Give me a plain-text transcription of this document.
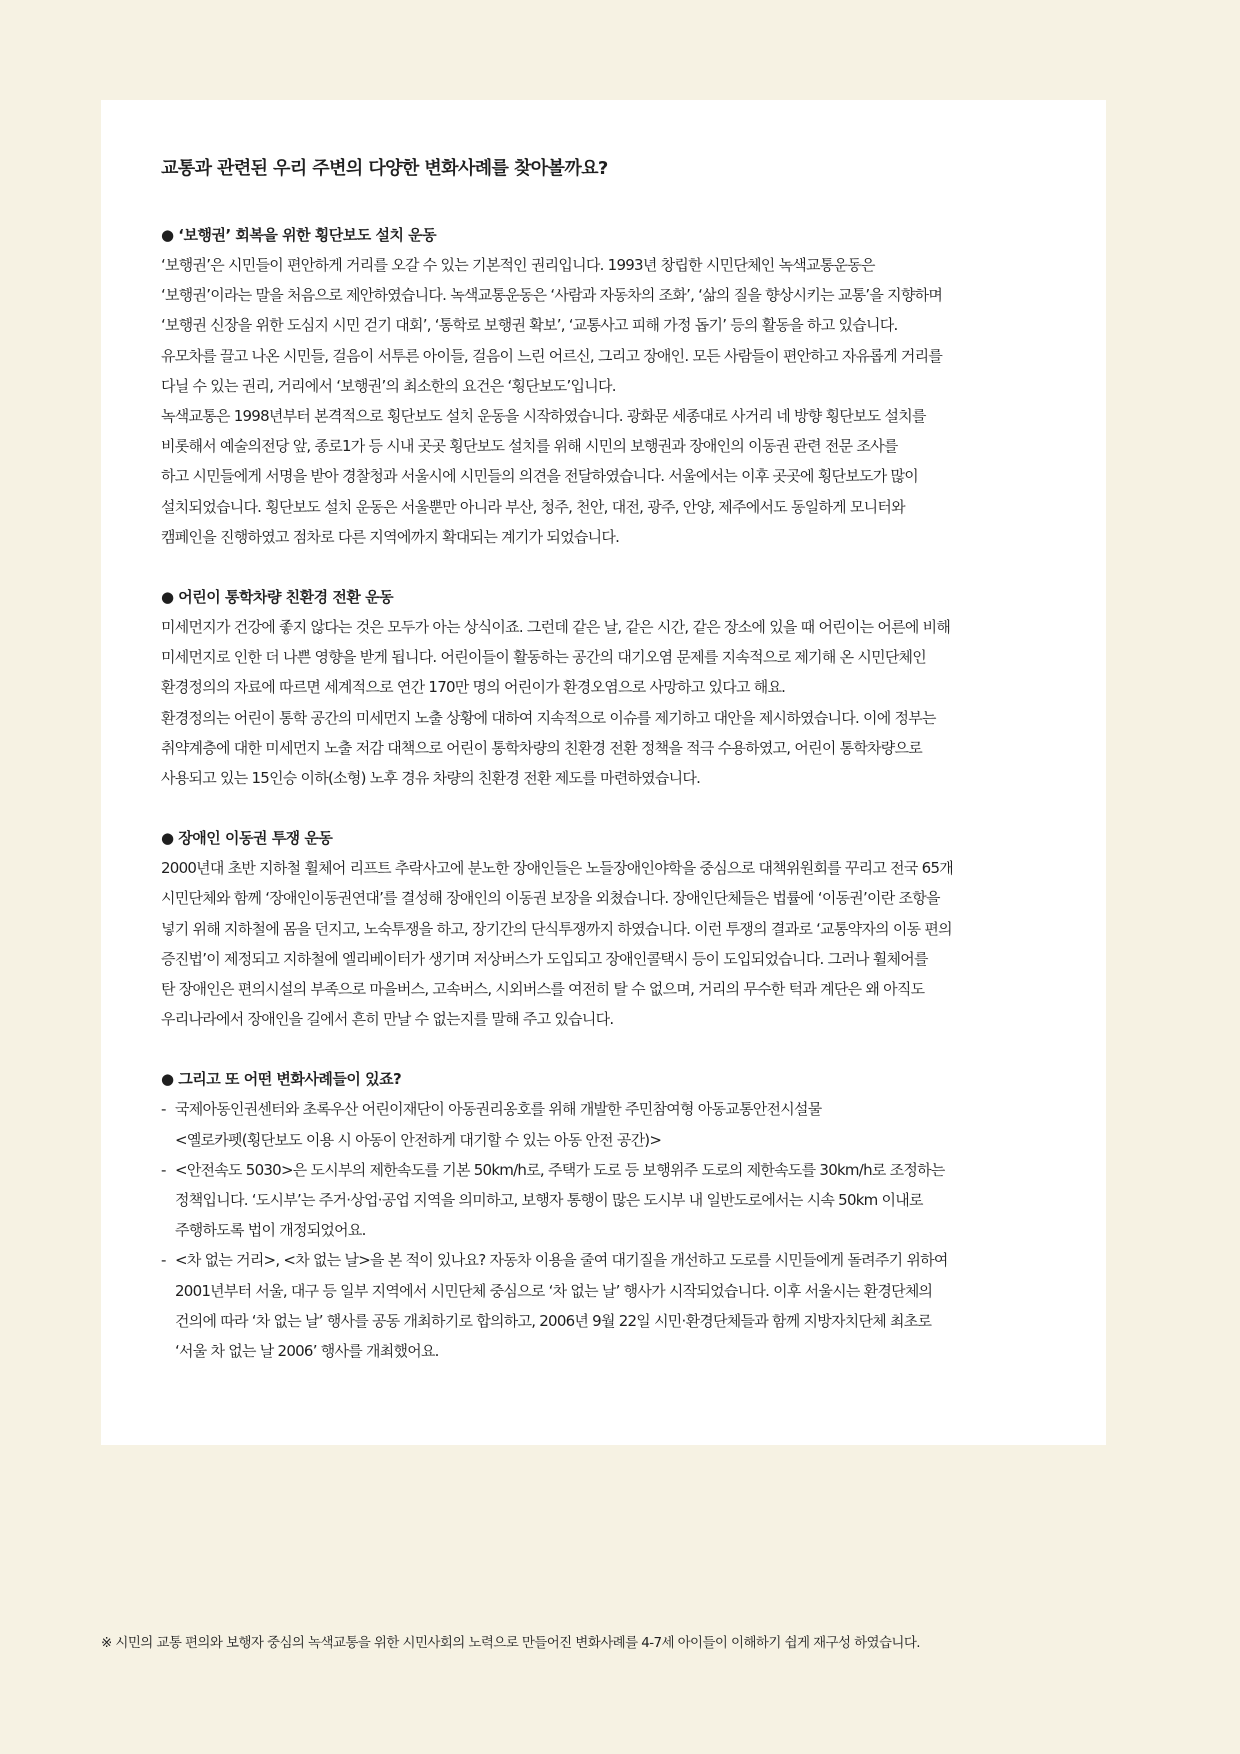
교통과 관련된 우리 주변의 다양한 변화사례를 찾아볼까요?
● ‘보행권’ 회복을 위한 횡단보도 설치 운동
‘보행권’은 시민들이 편안하게 거리를 오갈 수 있는 기본적인 권리입니다. 1993년 창립한 시민단체인 녹색교통운동은
‘보행권’이라는 말을 처음으로 제안하였습니다. 녹색교통운동은 ‘사람과 자동차의 조화’, ‘삶의 질을 향상시키는 교통’을 지향하며
‘보행권 신장을 위한 도심지 시민 걷기 대회’, ‘통학로 보행권 확보’, ‘교통사고 피해 가정 돕기’ 등의 활동을 하고 있습니다.
유모차를 끌고 나온 시민들, 걸음이 서투른 아이들, 걸음이 느린 어르신, 그리고 장애인. 모든 사람들이 편안하고 자유롭게 거리를
다닐 수 있는 권리, 거리에서 ‘보행권’의 최소한의 요건은 ‘횡단보도’입니다.
녹색교통은 1998년부터 본격적으로 횡단보도 설치 운동을 시작하였습니다. 광화문 세종대로 사거리 네 방향 횡단보도 설치를
비롯해서 예술의전당 앞, 종로1가 등 시내 곳곳 횡단보도 설치를 위해 시민의 보행권과 장애인의 이동권 관련 전문 조사를
하고 시민들에게 서명을 받아 경찰청과 서울시에 시민들의 의견을 전달하였습니다. 서울에서는 이후 곳곳에 횡단보도가 많이
설치되었습니다. 횡단보도 설치 운동은 서울뿐만 아니라 부산, 청주, 천안, 대전, 광주, 안양, 제주에서도 동일하게 모니터와
캠페인을 진행하였고 점차로 다른 지역에까지 확대되는 계기가 되었습니다.
● 어린이 통학차량 친환경 전환 운동
미세먼지가 건강에 좋지 않다는 것은 모두가 아는 상식이죠. 그런데 같은 날, 같은 시간, 같은 장소에 있을 때 어린이는 어른에 비해
미세먼지로 인한 더 나쁜 영향을 받게 됩니다. 어린이들이 활동하는 공간의 대기오염 문제를 지속적으로 제기해 온 시민단체인
환경정의의 자료에 따르면 세계적으로 연간 170만 명의 어린이가 환경오염으로 사망하고 있다고 해요.
환경정의는 어린이 통학 공간의 미세먼지 노출 상황에 대하여 지속적으로 이슈를 제기하고 대안을 제시하였습니다. 이에 정부는
취약계층에 대한 미세먼지 노출 저감 대책으로 어린이 통학차량의 친환경 전환 정책을 적극 수용하였고, 어린이 통학차량으로
사용되고 있는 15인승 이하(소형) 노후 경유 차량의 친환경 전환 제도를 마련하였습니다.
● 장애인 이동권 투쟁 운동
2000년대 초반 지하철 휠체어 리프트 추락사고에 분노한 장애인들은 노들장애인야학을 중심으로 대책위원회를 꾸리고 전국 65개
시민단체와 함께 ‘장애인이동권연대’를 결성해 장애인의 이동권 보장을 외쳤습니다. 장애인단체들은 법률에 ‘이동권’이란 조항을
넣기 위해 지하철에 몸을 던지고, 노숙투쟁을 하고, 장기간의 단식투쟁까지 하였습니다. 이런 투쟁의 결과로 ‘교통약자의 이동 편의
증진법’이 제정되고 지하철에 엘리베이터가 생기며 저상버스가 도입되고 장애인콜택시 등이 도입되었습니다. 그러나 휠체어를
탄 장애인은 편의시설의 부족으로 마을버스, 고속버스, 시외버스를 여전히 탈 수 없으며, 거리의 무수한 턱과 계단은 왜 아직도
우리나라에서 장애인을 길에서 흔히 만날 수 없는지를 말해 주고 있습니다.
● 그리고 또 어떤 변화사례들이 있죠?
- 국제아동인권센터와 초록우산 어린이재단이 아동권리옹호를 위해 개발한 주민참여형 아동교통안전시설물
<옐로카펫(횡단보도 이용 시 아동이 안전하게 대기할 수 있는 아동 안전 공간)>
- <안전속도 5030>은 도시부의 제한속도를 기본 50km/h로, 주택가 도로 등 보행위주 도로의 제한속도를 30km/h로 조정하는
정책입니다. ‘도시부’는 주거·상업·공업 지역을 의미하고, 보행자 통행이 많은 도시부 내 일반도로에서는 시속 50km 이내로
주행하도록 법이 개정되었어요.
- <차 없는 거리>, <차 없는 날>을 본 적이 있나요? 자동차 이용을 줄여 대기질을 개선하고 도로를 시민들에게 돌려주기 위하여
2001년부터 서울, 대구 등 일부 지역에서 시민단체 중심으로 ‘차 없는 날’ 행사가 시작되었습니다. 이후 서울시는 환경단체의
건의에 따라 ‘차 없는 날’ 행사를 공동 개최하기로 합의하고, 2006년 9월 22일 시민·환경단체들과 함께 지방자치단체 최초로
‘서울 차 없는 날 2006’ 행사를 개최했어요.
※ 시민의 교통 편의와 보행자 중심의 녹색교통을 위한 시민사회의 노력으로 만들어진 변화사례를 4-7세 아이들이 이해하기 쉽게 재구성 하였습니다.
